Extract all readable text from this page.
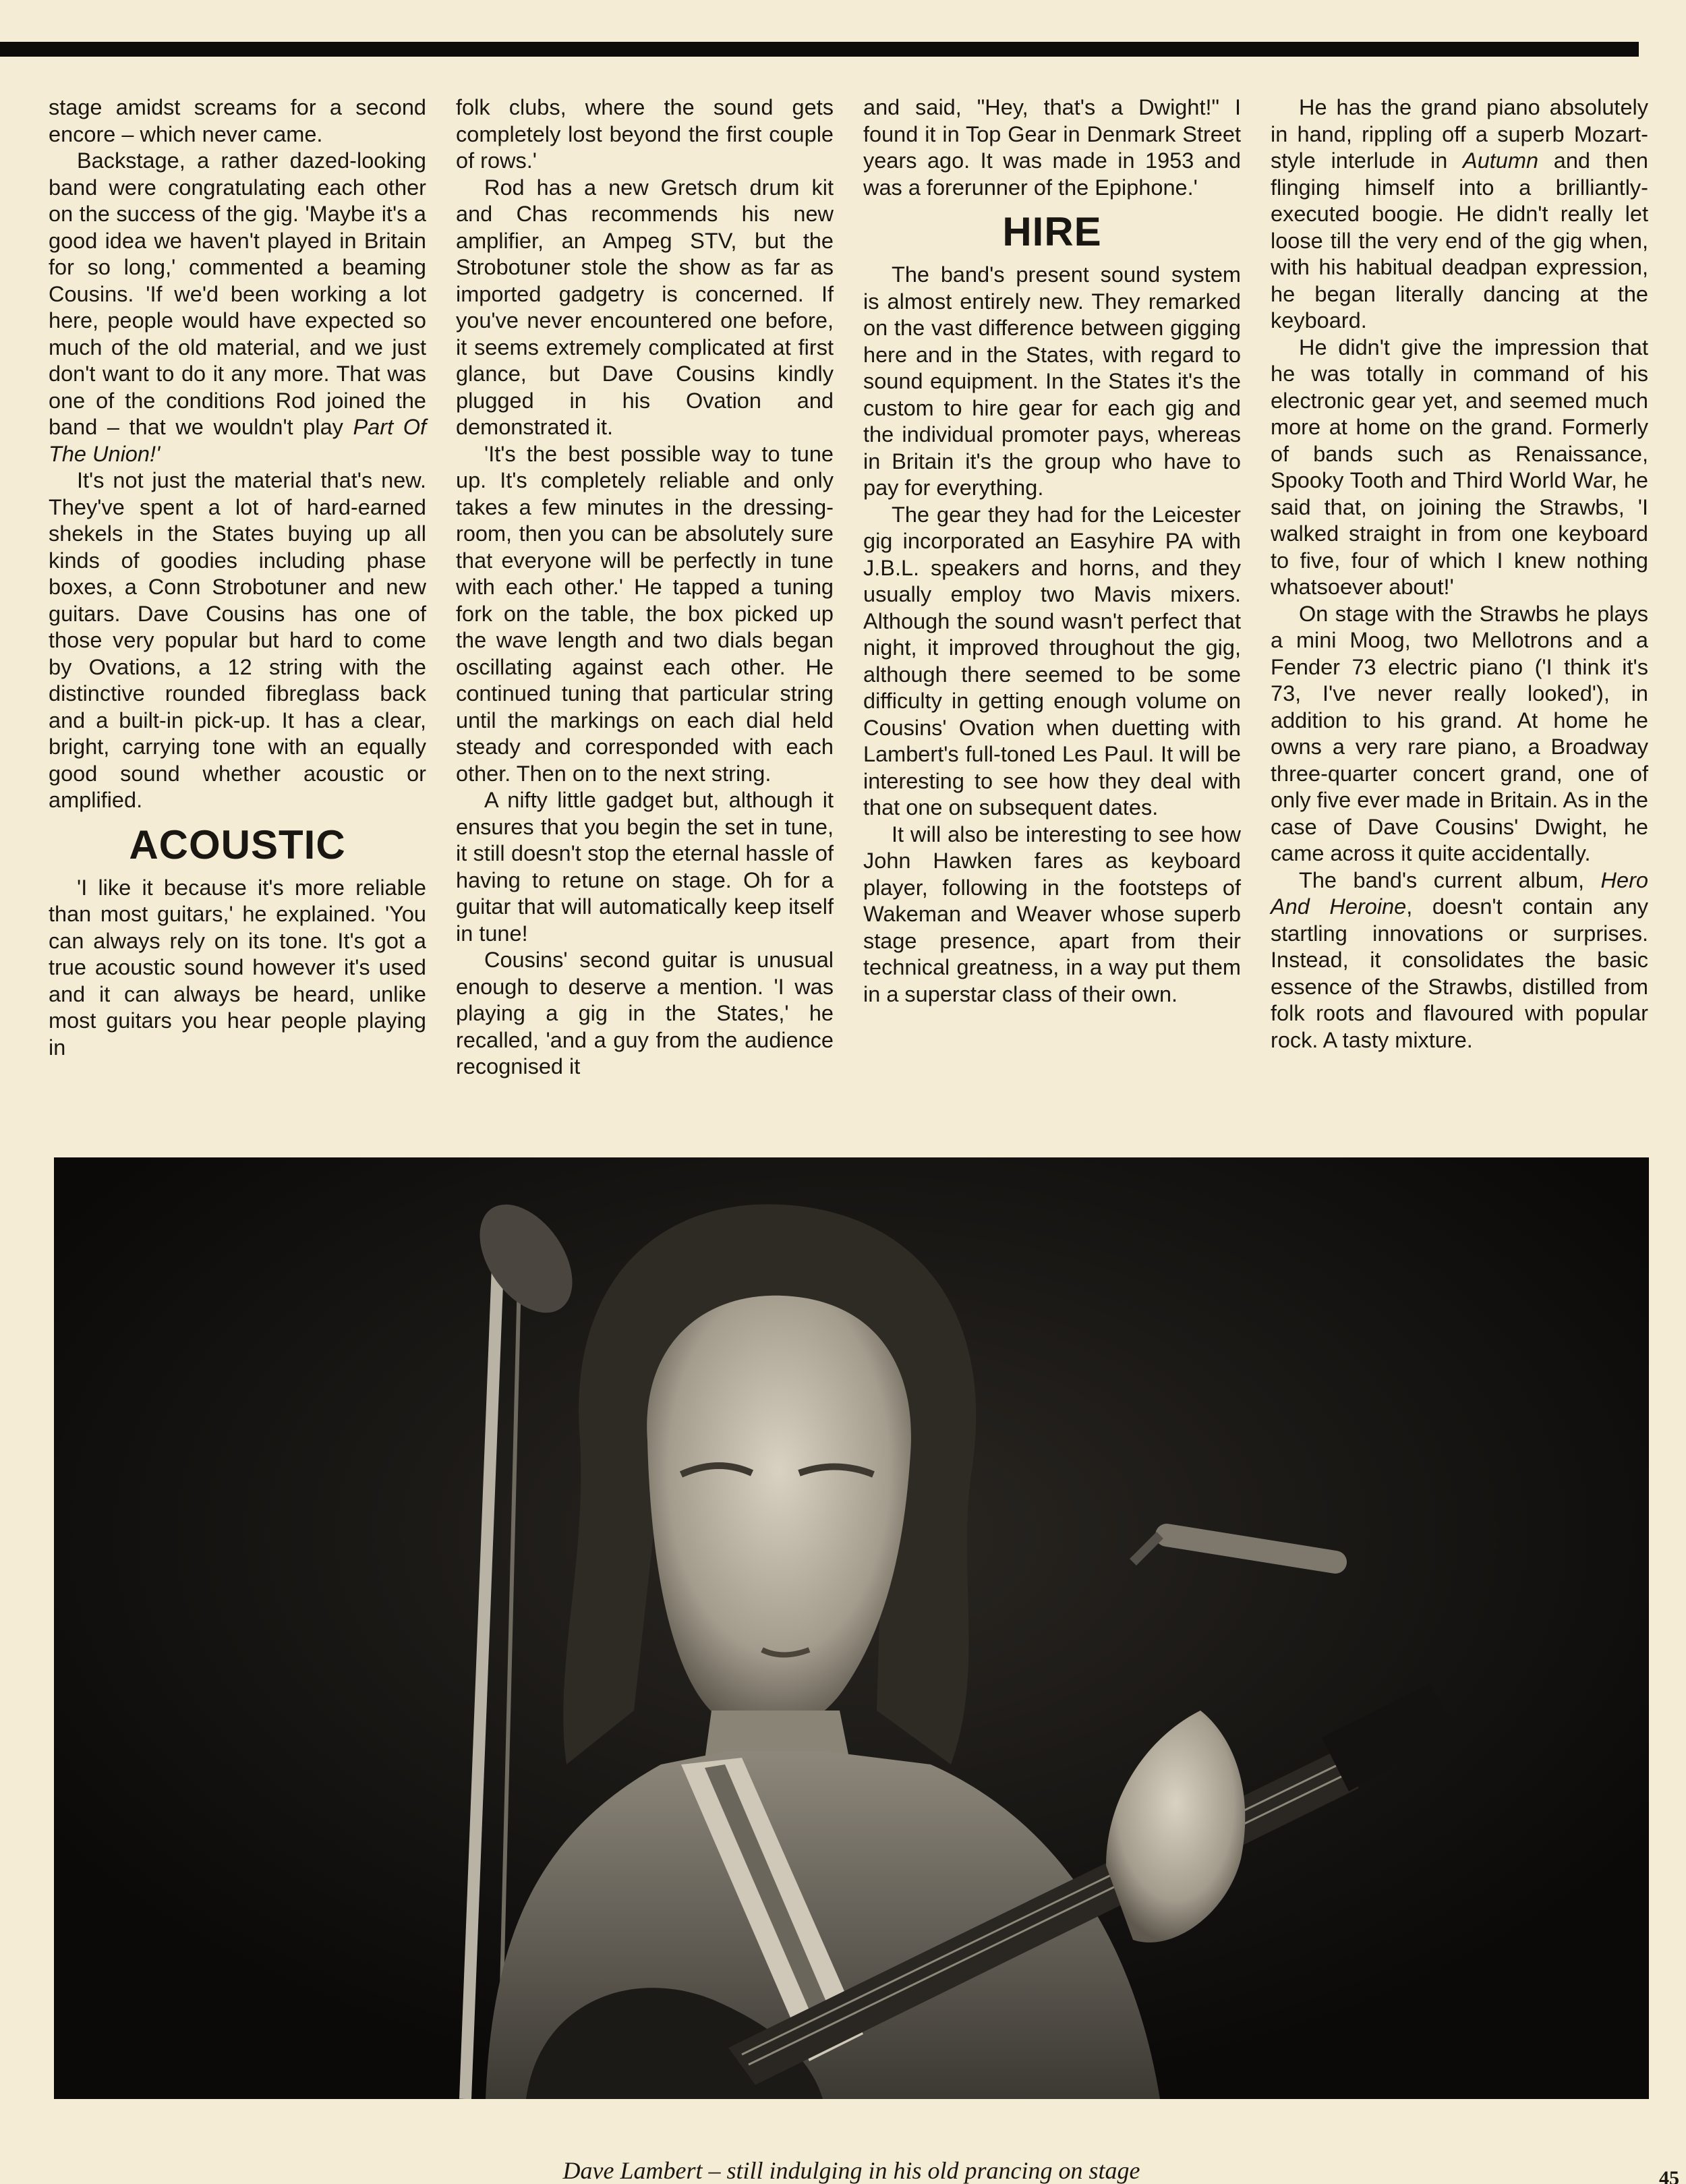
stage amidst screams for a second encore – which never came.

Backstage, a rather dazed-looking band were congratulating each other on the success of the gig. 'Maybe it's a good idea we haven't played in Britain for so long,' commented a beaming Cousins. 'If we'd been working a lot here, people would have expected so much of the old material, and we just don't want to do it any more. That was one of the conditions Rod joined the band – that we wouldn't play Part Of The Union!'

It's not just the material that's new. They've spent a lot of hard-earned shekels in the States buying up all kinds of goodies including phase boxes, a Conn Strobotuner and new guitars. Dave Cousins has one of those very popular but hard to come by Ovations, a 12 string with the distinctive rounded fibreglass back and a built-in pick-up. It has a clear, bright, carrying tone with an equally good sound whether acoustic or amplified.

ACOUSTIC

'I like it because it's more reliable than most guitars,' he explained. 'You can always rely on its tone. It's got a true acoustic sound however it's used and it can always be heard, unlike most guitars you hear people playing in

folk clubs, where the sound gets completely lost beyond the first couple of rows.'

Rod has a new Gretsch drum kit and Chas recommends his new amplifier, an Ampeg STV, but the Strobotuner stole the show as far as imported gadgetry is concerned. If you've never encountered one before, it seems extremely complicated at first glance, but Dave Cousins kindly plugged in his Ovation and demonstrated it.

'It's the best possible way to tune up. It's completely reliable and only takes a few minutes in the dressing-room, then you can be absolutely sure that everyone will be perfectly in tune with each other.' He tapped a tuning fork on the table, the box picked up the wave length and two dials began oscillating against each other. He continued tuning that particular string until the markings on each dial held steady and corresponded with each other. Then on to the next string.

A nifty little gadget but, although it ensures that you begin the set in tune, it still doesn't stop the eternal hassle of having to retune on stage. Oh for a guitar that will automatically keep itself in tune!

Cousins' second guitar is unusual enough to deserve a mention. 'I was playing a gig in the States,' he recalled, 'and a guy from the audience recognised it

and said, "Hey, that's a Dwight!" I found it in Top Gear in Denmark Street years ago. It was made in 1953 and was a forerunner of the Epiphone.'

HIRE

The band's present sound system is almost entirely new. They remarked on the vast difference between gigging here and in the States, with regard to sound equipment. In the States it's the custom to hire gear for each gig and the individual promoter pays, whereas in Britain it's the group who have to pay for everything.

The gear they had for the Leicester gig incorporated an Easyhire PA with J.B.L. speakers and horns, and they usually employ two Mavis mixers. Although the sound wasn't perfect that night, it improved throughout the gig, although there seemed to be some difficulty in getting enough volume on Cousins' Ovation when duetting with Lambert's full-toned Les Paul. It will be interesting to see how they deal with that one on subsequent dates.

It will also be interesting to see how John Hawken fares as keyboard player, following in the footsteps of Wakeman and Weaver whose superb stage presence, apart from their technical greatness, in a way put them in a superstar class of their own.

He has the grand piano absolutely in hand, rippling off a superb Mozart-style interlude in Autumn and then flinging himself into a brilliantly-executed boogie. He didn't really let loose till the very end of the gig when, with his habitual deadpan expression, he began literally dancing at the keyboard.

He didn't give the impression that he was totally in command of his electronic gear yet, and seemed much more at home on the grand. Formerly of bands such as Renaissance, Spooky Tooth and Third World War, he said that, on joining the Strawbs, 'I walked straight in from one keyboard to five, four of which I knew nothing whatsoever about!'

On stage with the Strawbs he plays a mini Moog, two Mellotrons and a Fender 73 electric piano ('I think it's 73, I've never really looked'), in addition to his grand. At home he owns a very rare piano, a Broadway three-quarter concert grand, one of only five ever made in Britain. As in the case of Dave Cousins' Dwight, he came across it quite accidentally.

The band's current album, Hero And Heroine, doesn't contain any startling innovations or surprises. Instead, it consolidates the basic essence of the Strawbs, distilled from folk roots and flavoured with popular rock. A tasty mixture.

Dave Lambert – still indulging in his old prancing on stage	45
